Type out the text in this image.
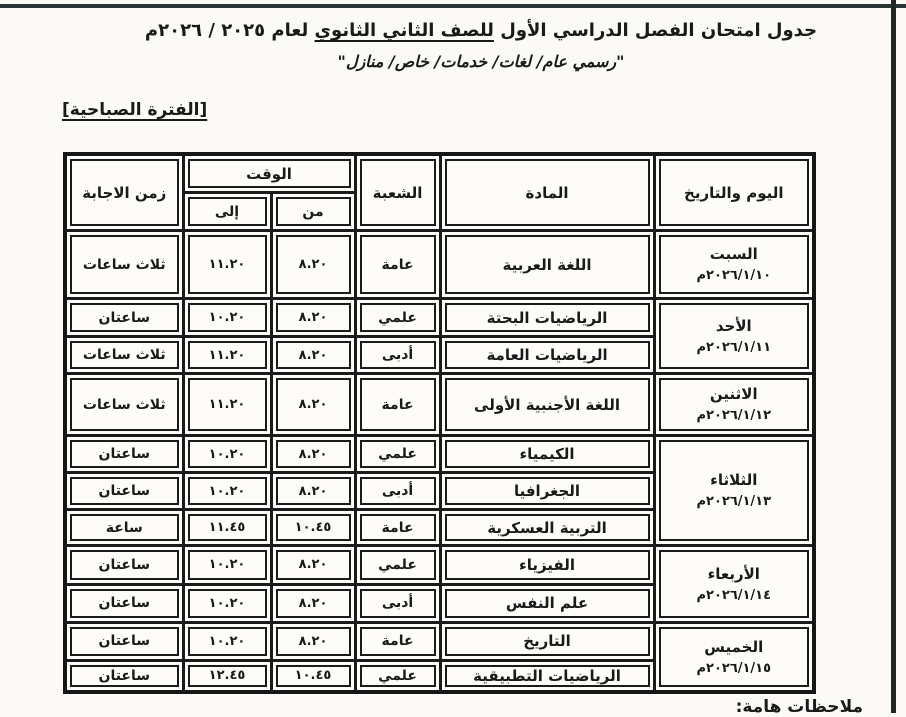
جدول امتحان الفصل الدراسي الأول للصف الثاني الثانوي لعام ٢٠٢٥ / ٢٠٢٦م
"رسمي عام/ لغات/ خدمات/ خاص/ منازل"
[الفترة الصباحية]
اليوم والتاريخ	المادة	الشعبة	الوقت		زمن الاجابة

			من	إلى	

السبت
٢٠٢٦/١/١٠م	اللغة العربية	عامة	٨.٢٠	١١.٢٠	ثلاث ساعات

الأحد
٢٠٢٦/١/١١م	الرياضيات البحتة	علمي	٨.٢٠	١٠.٢٠	ساعتان

	الرياضيات العامة	أدبى	٨.٢٠	١١.٢٠	ثلاث ساعات

الاثنين
٢٠٢٦/١/١٢م	اللغة الأجنبية الأولى	عامة	٨.٢٠	١١.٢٠	ثلاث ساعات

الثلاثاء
٢٠٢٦/١/١٣م	الكيمياء	علمي	٨.٢٠	١٠.٢٠	ساعتان

	الجغرافيا	أدبى	٨.٢٠	١٠.٢٠	ساعتان

	التربية العسكرية	عامة	١٠.٤٥	١١.٤٥	ساعة

الأربعاء
٢٠٢٦/١/١٤م	الفيزياء	علمي	٨.٢٠	١٠.٢٠	ساعتان

	علم النفس	أدبى	٨.٢٠	١٠.٢٠	ساعتان

الخميس
٢٠٢٦/١/١٥م	التاريخ	عامة	٨.٢٠	١٠.٢٠	ساعتان

	الرياضيات التطبيقية	علمي	١٠.٤٥	١٢.٤٥	ساعتان
ملاحظات هامة:
